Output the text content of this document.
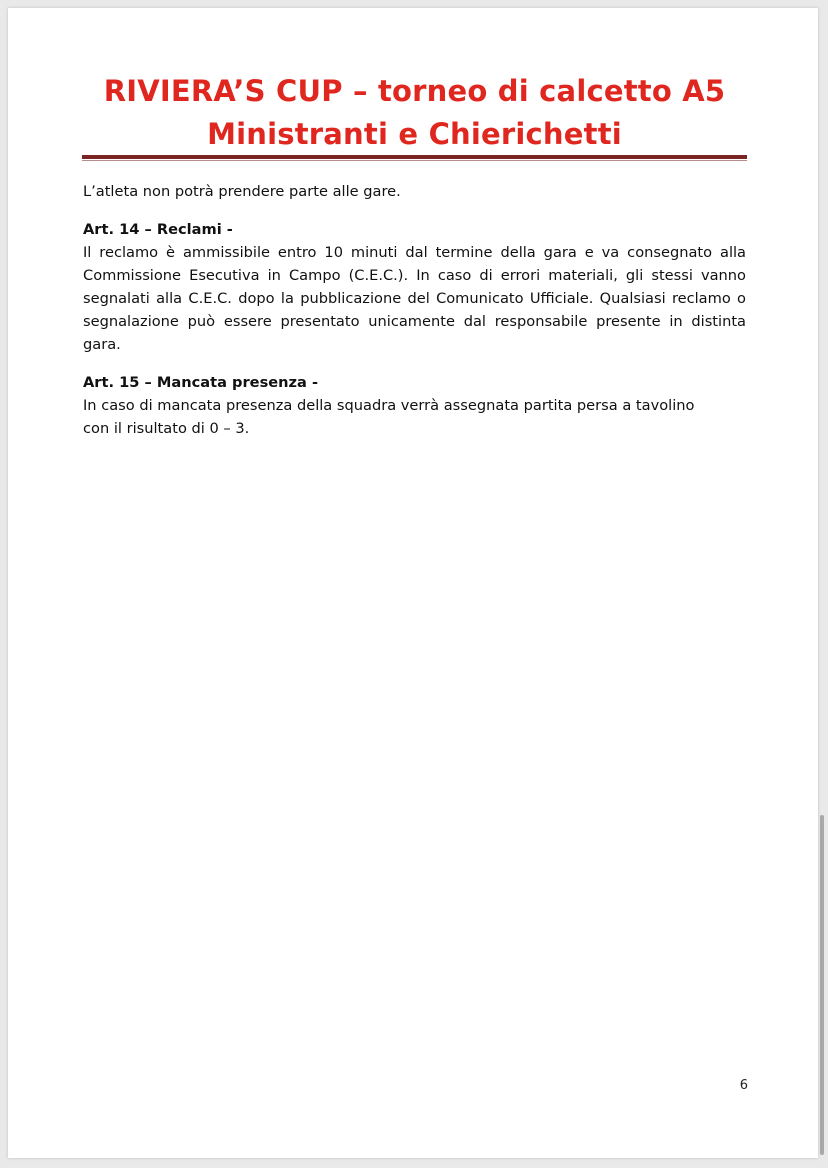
RIVIERA’S CUP – torneo di calcetto A5
Ministranti e Chierichetti

L’atleta non potrà prendere parte alle gare.

Art. 14 – Reclami -

Il reclamo è ammissibile entro 10 minuti dal termine della gara e va consegnato alla Commissione Esecutiva in Campo (C.E.C.). In caso di errori materiali, gli stessi vanno segnalati alla C.E.C. dopo la pubblicazione del Comunicato Ufficiale. Qualsiasi reclamo o segnalazione può essere presentato unicamente dal responsabile presente in distinta gara.

Art. 15 – Mancata presenza -

In caso di mancata presenza della squadra verrà assegnata partita persa a tavolino

con il risultato di 0 – 3.

6
